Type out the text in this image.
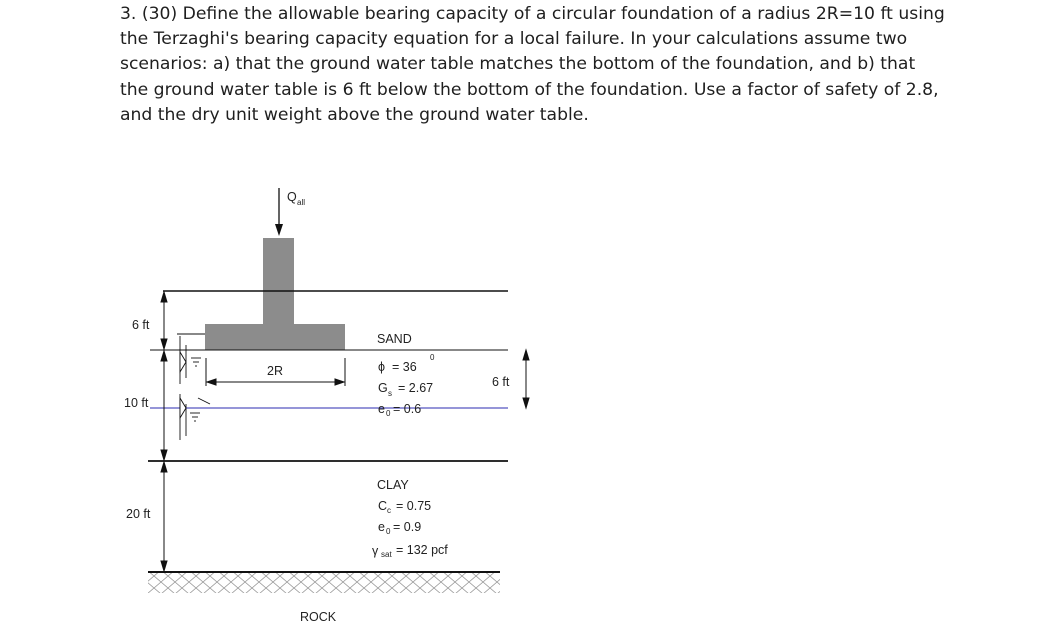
3. (30) Define the allowable bearing capacity of a circular foundation of a radius 2R=10 ft using
the Terzaghi's bearing capacity equation for a local failure. In your calculations assume two
scenarios: a) that the ground water table matches the bottom of the foundation, and b) that
the ground water table is 6 ft below the bottom of the foundation. Use a factor of safety of 2.8,
and the dry unit weight above the ground water table.
Q all
6 ft
10 ft
20 ft
2R
6 ft
SAND
ϕ = 36
0
G s = 2.67
e 0 = 0.6
CLAY
C c = 0.75
e 0 = 0.9
γ sat = 132 pcf
ROCK
